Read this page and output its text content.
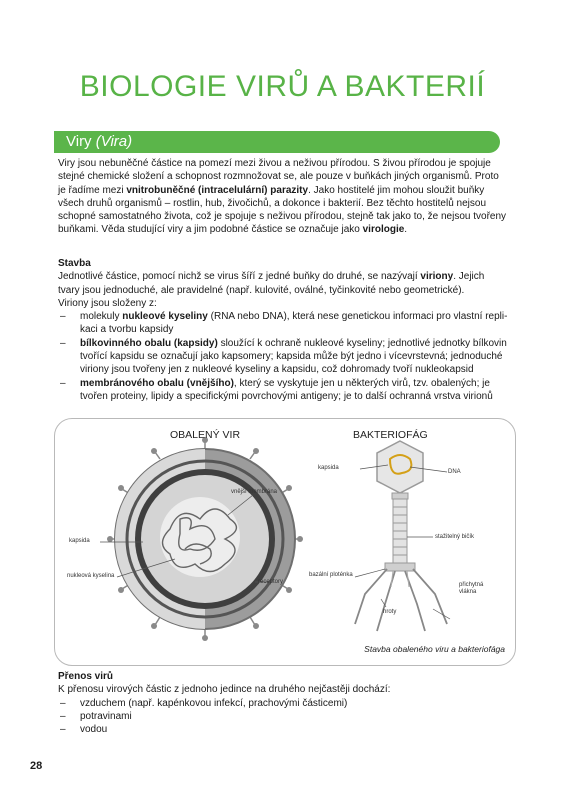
BIOLOGIE VIRŮ A BAKTERIÍ
Viry (Vira)

Viry jsou nebuněčné částice na pomezí mezi živou a neživou přírodou. S živou přírodou je spojuje stejné chemické složení a schopnost rozmnožovat se, ale pouze v buňkách jiných organismů. Proto je řadíme mezi vnitrobuněčné (intracelulární) parazity. Jako hostitelé jim mohou sloužit buňky všech druhů organismů – rostlin, hub, živočichů, a dokonce i bakterií. Bez těchto hostitelů nejsou schopné samostatného života, což je spojuje s neživou přírodou, stejně tak jako to, že nejsou tvořeny buňkami. Věda studující viry a jim podobné částice se označuje jako virologie.

Stavba

Jednotlivé částice, pomocí nichž se virus šíří z jedné buňky do druhé, se nazývají viriony. Jejich tvary jsou jednoduché, ale pravidelné (např. kulovité, oválné, tyčinkovité nebo geometrické).

Viriony jsou složeny z:

– molekuly nukleové kyseliny (RNA nebo DNA), která nese genetickou informaci pro vlastní repli-kaci a tvorbu kapsidy
– bílkovinného obalu (kapsidy) sloužící k ochraně nukleové kyseliny; jednotlivé jednotky bílkovin tvořící kapsidu se označují jako kapsomery; kapsida může být jedno i vícevrstevná; jednoduché viriony jsou tvořeny jen z nukleové kyseliny a kapsidu, což dohromady tvoří nukleokapsid
– membránového obalu (vnějšího), který se vyskytuje jen u některých virů, tzv. obalených; je tvořen proteiny, lipidy a specifickými povrchovými antigeny; je to další ochranná vrstva virionů
OBALENÝ VIR	BAKTERIOFÁG
vnější membrána
kapsida
nukleová kyselina
receptory
kapsida
DNA
stažitelný bičík
bazální ploténka
přichytná vlákna
hroty
Stavba obaleného viru a bakteriofága

Přenos virů

K přenosu virových částic z jednoho jedince na druhého nejčastěji dochází:

– vzduchem (např. kapénkovou infekcí, prachovými částicemi)
– potravinami
– vodou
28
